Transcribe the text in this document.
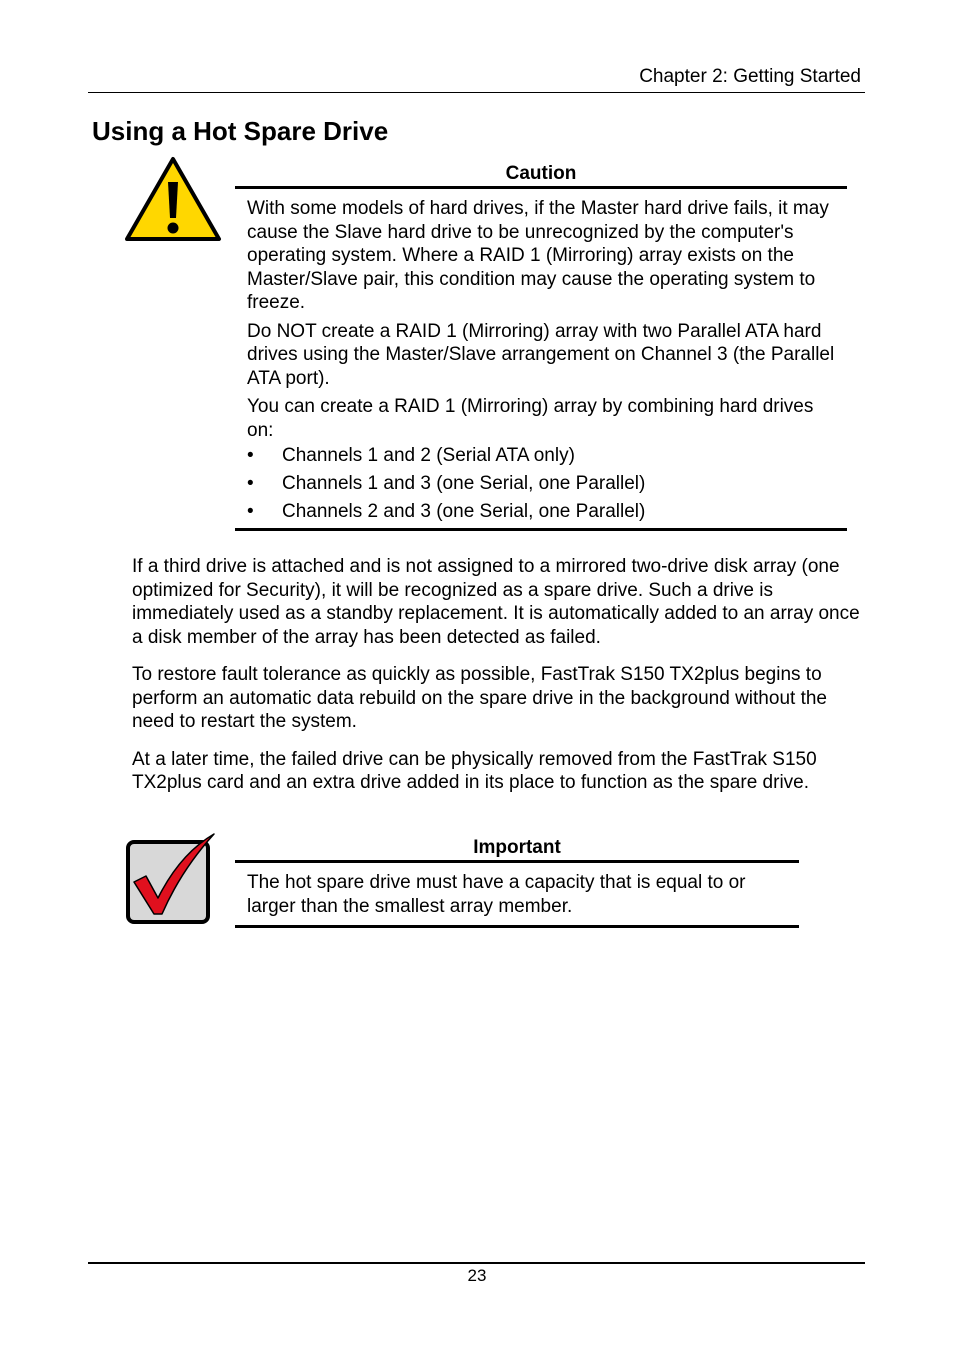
Chapter 2: Getting Started
Using a Hot Spare Drive
Caution

With some models of hard drives, if the Master hard drive fails, it may cause the Slave hard drive to be unrecognized by the computer's operating system. Where a RAID 1 (Mirroring) array exists on the Master/Slave pair, this condition may cause the operating system to freeze.

Do NOT create a RAID 1 (Mirroring) array with two Parallel ATA hard drives using the Master/Slave arrangement on Channel 3 (the Parallel ATA port).

You can create a RAID 1 (Mirroring) array by combining hard drives on:

• Channels 1 and 2 (Serial ATA only)
• Channels 1 and 3 (one Serial, one Parallel)
• Channels 2 and 3 (one Serial, one Parallel)

If a third drive is attached and is not assigned to a mirrored two-drive disk array (one optimized for Security), it will be recognized as a spare drive. Such a drive is immediately used as a standby replacement. It is automatically added to an array once a disk member of the array has been detected as failed.

To restore fault tolerance as quickly as possible, FastTrak S150 TX2plus begins to perform an automatic data rebuild on the spare drive in the background without the need to restart the system.

At a later time, the failed drive can be physically removed from the FastTrak S150 TX2plus card and an extra drive added in its place to function as the spare drive.

Important

The hot spare drive must have a capacity that is equal to or larger than the smallest array member.

23
